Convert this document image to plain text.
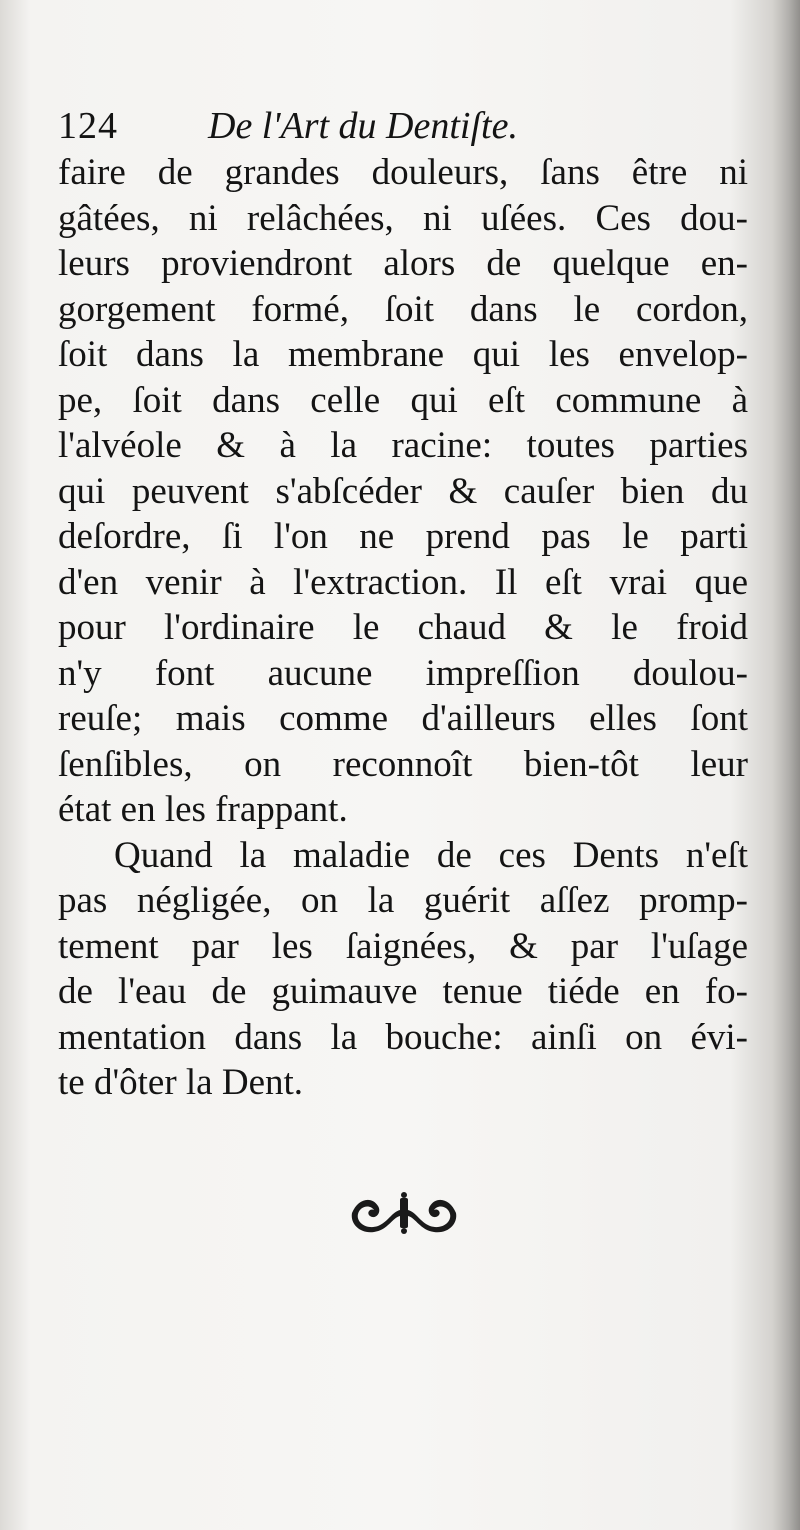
124 De l'Art du Dentiſte.
faire de grandes douleurs, ſans être ni
gâtées, ni relâchées, ni uſées. Ces dou-
leurs proviendront alors de quelque en-
gorgement formé, ſoit dans le cordon,
ſoit dans la membrane qui les envelop-
pe, ſoit dans celle qui eſt commune à
l'alvéole & à la racine: toutes parties
qui peuvent s'abſcéder & cauſer bien du
deſordre, ſi l'on ne prend pas le parti
d'en venir à l'extraction. Il eſt vrai que
pour l'ordinaire le chaud & le froid
n'y font aucune impreſſion doulou-
reuſe; mais comme d'ailleurs elles ſont
ſenſibles, on reconnoît bien-tôt leur
état en les frappant.
Quand la maladie de ces Dents n'eſt
pas négligée, on la guérit aſſez promp-
tement par les ſaignées, & par l'uſage
de l'eau de guimauve tenue tiéde en fo-
mentation dans la bouche: ainſi on évi-
te d'ôter la Dent.
